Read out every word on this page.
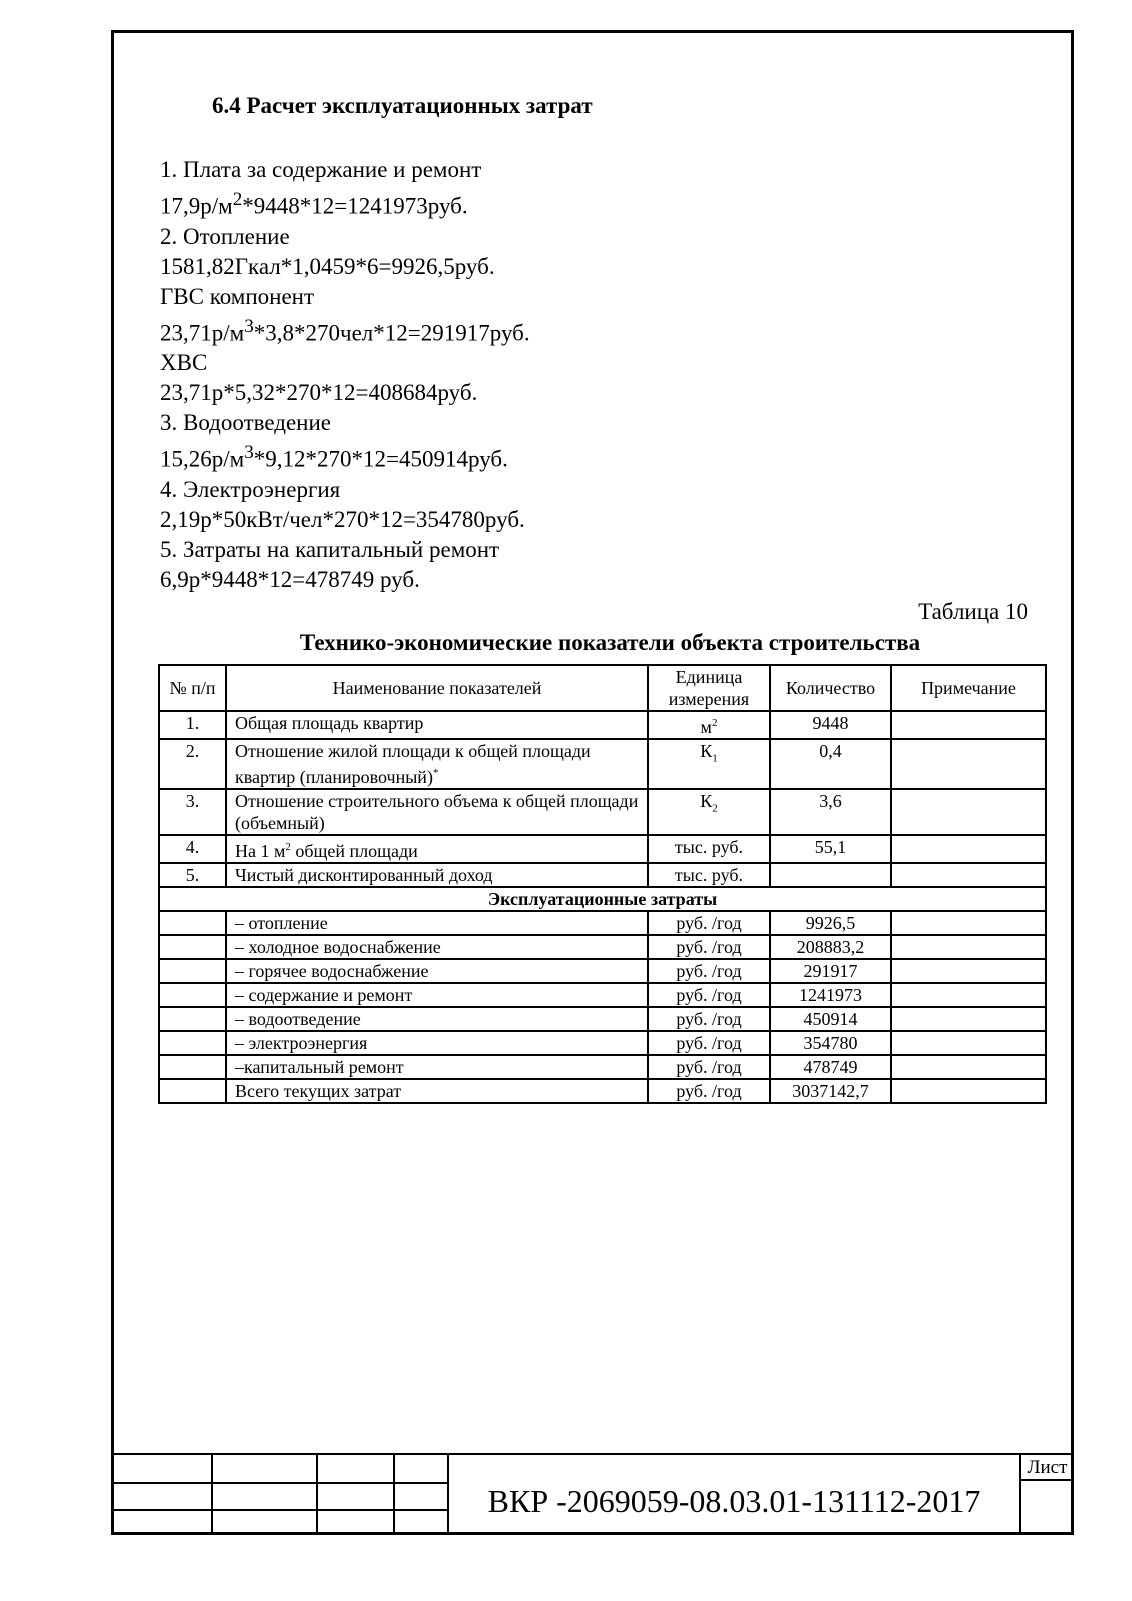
6.4 Расчет эксплуатационных затрат
1. Плата за содержание и ремонт
$17,9р/м^2*9448*12=1241973руб$.
2. Отопление
1581,82Гкал*1,0459*6=9926,5руб.
ГВС компонент
$23,71р/м^3*3,8*270чел*12=291917руб$.
ХВС
23,71р*5,32*270*12=408684руб.
3. Водоотведение
$15,26р/м^3*9,12*270*12=450914руб$.
4. Электроэнергия
2,19р*50кВт/чел*270*12=354780руб.
5. Затраты на капитальный ремонт
6,9р*9448*12=478749 руб.
Таблица 10
Технико-экономические показатели объекта строительства
№ п/п	Наименование показателей	Единица измерения	Количество	Примечание
1.	Общая площадь квартир	$м^2$	9448	
2.	Отношение жилой площади к общей площади квартир (планировочный)*	$К_1$	0,4	
3.	Отношение строительного объема к общей площади (объемный)	$К_2$	3,6	
4.	На 1 $м^2$ общей площади	тыс. руб.	55,1	
5.	Чистый дисконтированный доход	тыс. руб.		
Эксплуатационные затраты				
	– отопление	руб. /год	9926,5	
	– холодное водоснабжение	руб. /год	208883,2	
	– горячее водоснабжение	руб. /год	291917	
	– содержание и ремонт	руб. /год	1241973	
	– водоотведение	руб. /год	450914	
	– электроэнергия	руб. /год	354780	
	–капитальный ремонт	руб. /год	478749	
	Всего текущих затрат	руб. /год	3037142,7	
ВКР -2069059-08.03.01-131112-2017
Лист
